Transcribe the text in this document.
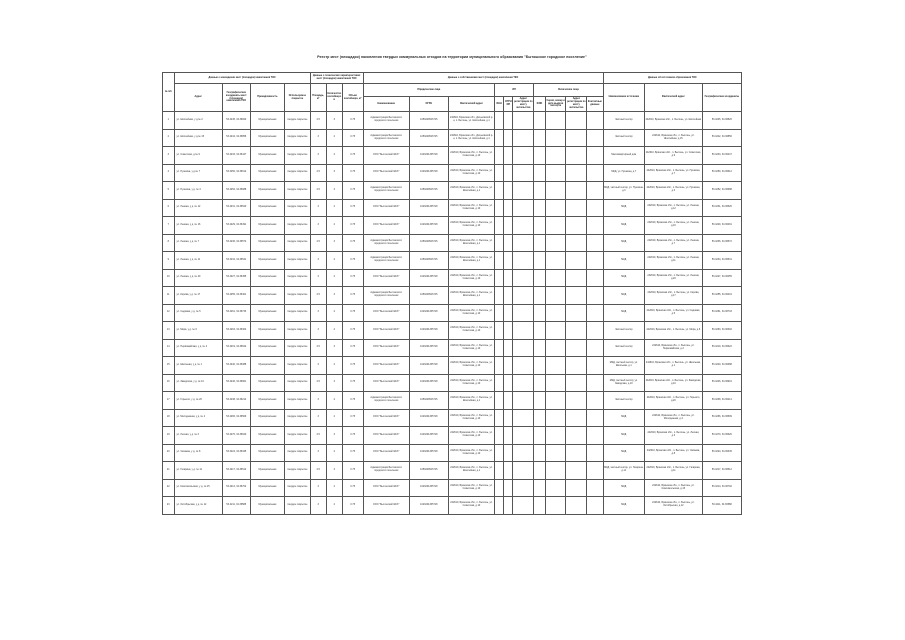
Реестр мест (площадок) накопления твердых коммунальных отходов на территории муниципального образования "Бытошское городское поселение"
№ п/п	Данные о нахождении мест (площадок) накопления ТКО				Данные о технических характеристиках мест (площадок) накопления ТКО			Данные о собственниках мест (площадок) накопления ТКО										Данные об источниках образования ТКО		
	Адрес	Географические координаты мест (площадок) накопления ТКО	Принадлежность	Используемое покрытие	Площадь, м²	Количество контейнеров	Объем контейнера, м³	Юридические лица			ИП			Физические лица				Наименование источника	Фактический адрес	Географические координаты
								Наименование	ОГРН	Фактический адрес	ИНН	ОГРНИП	Адрес регистрации по месту жительства	ФИО	Серия, номер и дата выдачи паспорта	Адрес регистрации по месту жительства	Контактные данные			
1	ул. Шоссейная, у д.№ 2	53.4245, 34.36820	Муниципальная	твердое покрытие	4.5	3	0.75	Администрация Бытошского городского поселения	1053249516715	242610, Брянская обл., Дятьковский р-н, п. Бытошь, ул. Шоссейная, д.1								Частный сектор	242610, Брянская обл., п. Бытошь, ул. Шоссейная	53.4245, 34.36820
2	ул. Шоссейная, у д.№ 15	53.4242, 34.36856	Муниципальная	твердое покрытие	3	2	0.75	Администрация Бытошского городского поселения	1053249516715	242610, Брянская обл., Дятьковский р-н, п. Бытошь, ул. Шоссейная, д.1								Частный сектор	242610, Брянская обл., п. Бытошь, ул. Шоссейная, д.15	53.4242, 34.36856
3	ул. Советская, д.№ 9	53.4233, 34.36447	Муниципальная	твердое покрытие	3	2	0.75	ООО "Бытошский ЖКХ"	1023201335718	242610, Брянская обл., п. Бытошь, ул. Советская, д.10								Многоквартирный дом	242610, Брянская обл., п. Бытошь, ул. Советская, д.9	53.4233, 34.36447
4	ул. Пушкина, у д.№ 7	53.4250, 34.36612	Муниципальная	твердое покрытие	4.5	3	0.75	ООО "Бытошский ЖКХ"	1023201335718	242610, Брянская обл., п. Бытошь, ул. Советская, д.10								МКД, ул. Пушкина, д.7	242610, Брянская обл., п. Бытошь, ул. Пушкина, д.7	53.4250, 34.36612
5	ул. Пушкина, у д. № 3	53.4252, 34.36688	Муниципальная	твердое покрытие	4.5	3	0.75	Администрация Бытошского городского поселения	1053249516715	242610, Брянская обл., п. Бытошь, ул. Шоссейная, д.1								МКД, частный сектор, ул. Пушкина, д.3	242610, Брянская обл., п. Бытошь, ул. Пушкина, д.3	53.4252, 34.36688
6	ул. Ленина, у д. № 12	53.4231, 34.36520	Муниципальная	твердое покрытие	3	2	0.75	ООО "Бытошский ЖКХ"	1023201335718	242610, Брянская обл., п. Бытошь, ул. Советская, д.10								МКД	242610, Брянская обл., п. Бытошь, ул. Ленина, д.12	53.4231, 34.36520
7	ул. Ленина, у д. № 16	53.4229, 34.36491	Муниципальная	твердое покрытие	3	2	0.75	ООО "Бытошский ЖКХ"	1023201335718	242610, Брянская обл., п. Бытошь, ул. Советская, д.10								МКД	242610, Брянская обл., п. Бытошь, ул. Ленина, д.16	53.4229, 34.36491
8	ул. Ленина, у д. № 7	53.4236, 34.36572	Муниципальная	твердое покрытие	4.5	3	0.75	Администрация Бытошского городского поселения	1053249516715	242610, Брянская обл., п. Бытошь, ул. Шоссейная, д.1								МКД	242610, Брянская обл., п. Бытошь, ул. Ленина, д.7	53.4236, 34.36572
9	ул. Ленина, у д. № 11	53.4234, 34.36541	Муниципальная	твердое покрытие	3	2	0.75	Администрация Бытошского городского поселения	1053249516715	242610, Брянская обл., п. Бытошь, ул. Шоссейная, д.1								МКД	242610, Брянская обл., п. Бытошь, ул. Ленина, д.11	53.4234, 34.36541
10	ул. Ленина, у д. № 20	53.4227, 34.36455	Муниципальная	твердое покрытие	3	2	0.75	ООО "Бытошский ЖКХ"	1023201335718	242610, Брянская обл., п. Бытошь, ул. Советская, д.10								МКД	242610, Брянская обл., п. Бытошь, ул. Ленина, д.20	53.4227, 34.36455
11	ул. Кирова, у д. № 17	53.4255, 34.36401	Муниципальная	твердое покрытие	4.5	3	0.75	Администрация Бытошского городского поселения	1053249516715	242610, Брянская обл., п. Бытошь, ул. Шоссейная, д.1								МКД	242610, Брянская обл., п. Бытошь, ул. Кирова, д.17	53.4255, 34.36401
12	ул. Садовая, у д. № 5	53.4261, 34.36733	Муниципальная	твердое покрытие	3	2	0.75	ООО "Бытошский ЖКХ"	1023201335718	242610, Брянская обл., п. Бытошь, ул. Советская, д.10								МКД	242610, Брянская обл., п. Бытошь, ул. Садовая, д.5	53.4261, 34.36733
13	ул. Мира, у д. № 6	53.4263, 34.36302	Муниципальная	твердое покрытие	3	2	0.75	ООО "Бытошский ЖКХ"	1023201335718	242610, Брянская обл., п. Бытошь, ул. Советская, д.10								Частный сектор	242610, Брянская обл., п. Бытошь, ул. Мира, д.6	53.4263, 34.36302
14	ул. Первомайская, у д. № 2	53.4219, 34.36622	Муниципальная	твердое покрытие	4.5	3	0.75	ООО "Бытошский ЖКХ"	1023201335718	242610, Брянская обл., п. Бытошь, ул. Советская, д.10								Частный сектор	242610, Брянская обл., п. Бытошь, ул. Первомайская, д.2	53.4219, 34.36622
15	ул. Школьная, у д. № 1	53.4240, 34.36388	Муниципальная	твердое покрытие	3	2	0.75	ООО "Бытошский ЖКХ"	1023201335718	242610, Брянская обл., п. Бытошь, ул. Советская, д.10								МКД, частный сектор, ул. Школьная, д.1	242610, Брянская обл., п. Бытошь, ул. Школьная, д.1	53.4240, 34.36388
16	ул. Заводская, у д. № 10	53.4246, 34.36901	Муниципальная	твердое покрытие	4.5	3	0.75	ООО "Бытошский ЖКХ"	1023201335718	242610, Брянская обл., п. Бытошь, ул. Советская, д.10								МКД, частный сектор, ул. Заводская, д.10	242610, Брянская обл., п. Бытошь, ул. Заводская, д.10	53.4246, 34.36901
17	ул. Горького, у д. № 20	53.4238, 34.36214	Муниципальная	твердое покрытие	3	2	0.75	Администрация Бытошского городского поселения	1053249516715	242610, Брянская обл., п. Бытошь, ул. Шоссейная, д.1								Частный сектор	242610, Брянская обл., п. Бытошь, ул. Горького, д.20	53.4238, 34.36214
18	ул. Молодежная, у д. № 4	53.4266, 34.36509	Муниципальная	твердое покрытие	3	2	0.75	ООО "Бытошский ЖКХ"	1023201335718	242610, Брянская обл., п. Бытошь, ул. Советская, д.10								МКД	242610, Брянская обл., п. Бытошь, ул. Молодежная, д.4	53.4266, 34.36509
19	ул. Лесная, у д. № 3	53.4270, 34.36620	Муниципальная	твердое покрытие	4.5	3	0.75	ООО "Бытошский ЖКХ"	1023201335718	242610, Брянская обл., п. Бытошь, ул. Советская, д.10								МКД	242610, Брянская обл., п. Бытошь, ул. Лесная, д.3	53.4270, 34.36620
20	ул. Чапаева, у д. № 8	53.4224, 34.36345	Муниципальная	твердое покрытие	3	2	0.75	ООО "Бытошский ЖКХ"	1023201335718	242610, Брянская обл., п. Бытошь, ул. Советская, д.10								МКД	242610, Брянская обл., п. Бытошь, ул. Чапаева, д.8	53.4224, 34.36345
21	ул. Гагарина, у д. № 11	53.4217, 34.36512	Муниципальная	твердое покрытие	4.5	3	0.75	Администрация Бытошского городского поселения	1053249516715	242610, Брянская обл., п. Бытошь, ул. Шоссейная, д.1								МКД, частный сектор, ул. Гагарина, д.11	242610, Брянская обл., п. Бытошь, ул. Гагарина, д.11	53.4217, 34.36512
22	ул. Комсомольская, у д. № 15	53.4214, 34.36702	Муниципальная	твердое покрытие	3	2	0.75	ООО "Бытошский ЖКХ"	1023201335718	242610, Брянская обл., п. Бытошь, ул. Советская, д.10								МКД	242610, Брянская обл., п. Бытошь, ул. Комсомольская, д.15	53.4214, 34.36702
23	ул. Октябрьская, у д. № 12	53.4211, 34.36588	Муниципальная	твердое покрытие	3	2	0.75	ООО "Бытошский ЖКХ"	1023201335718	242610, Брянская обл., п. Бытошь, ул. Советская, д.10								МКД	242610, Брянская обл., п. Бытошь, ул. Октябрьская, д.12	53.4211, 34.36588
